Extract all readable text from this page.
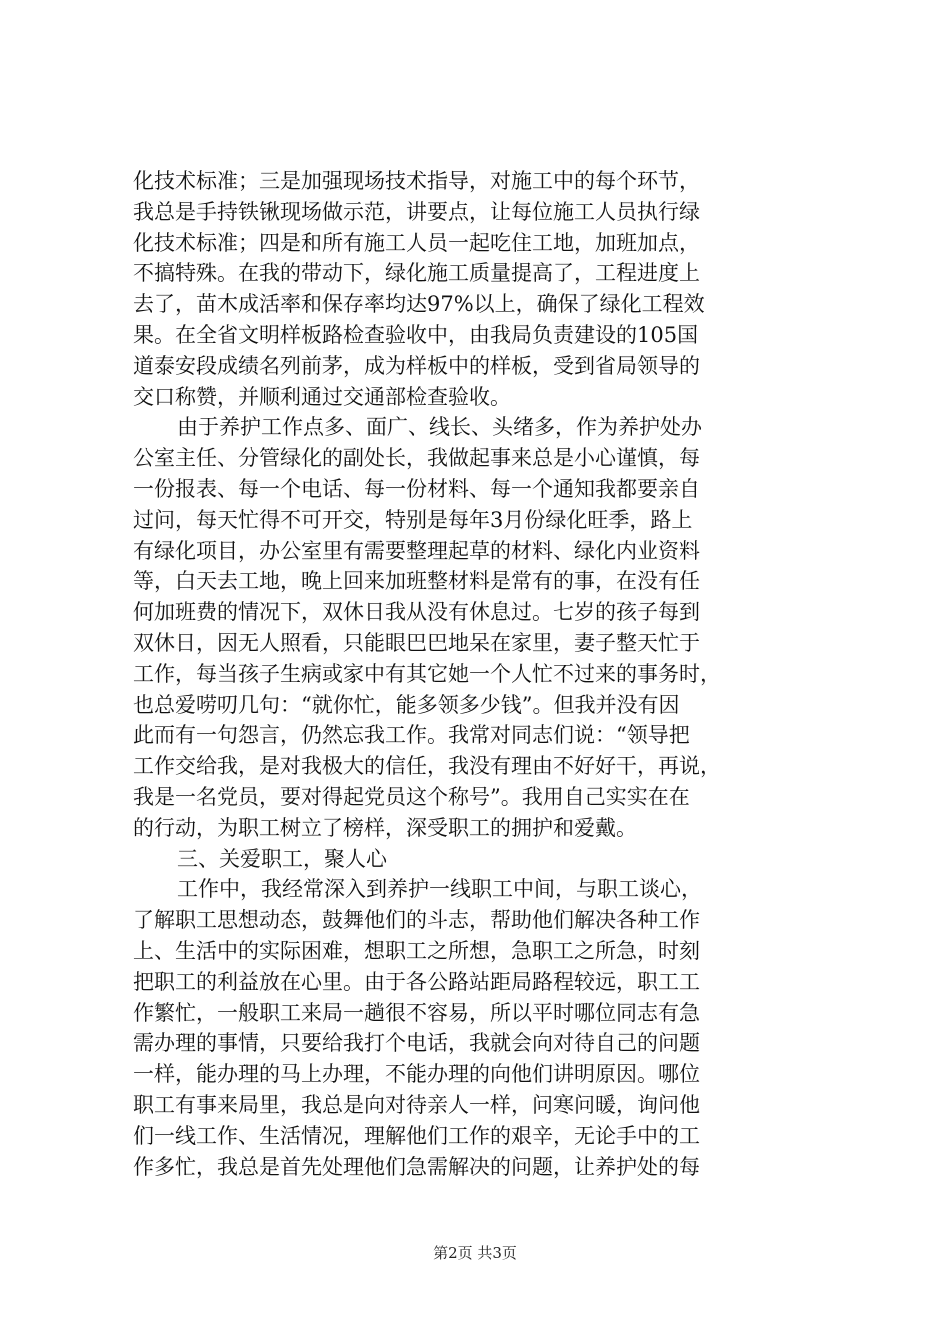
化技术标准；三是加强现场技术指导，对施工中的每个环节，
我总是手持铁锹现场做示范，讲要点，让每位施工人员执行绿
化技术标准；四是和所有施工人员一起吃住工地，加班加点，
不搞特殊。在我的带动下，绿化施工质量提高了，工程进度上
去了，苗木成活率和保存率均达97%以上，确保了绿化工程效
果。在全省文明样板路检查验收中，由我局负责建设的105国
道泰安段成绩名列前茅，成为样板中的样板，受到省局领导的
交口称赞，并顺利通过交通部检查验收。
由于养护工作点多、面广、线长、头绪多，作为养护处办
公室主任、分管绿化的副处长，我做起事来总是小心谨慎，每
一份报表、每一个电话、每一份材料、每一个通知我都要亲自
过问，每天忙得不可开交，特别是每年3月份绿化旺季，路上
有绿化项目，办公室里有需要整理起草的材料、绿化内业资料
等，白天去工地，晚上回来加班整材料是常有的事，在没有任
何加班费的情况下，双休日我从没有休息过。七岁的孩子每到
双休日，因无人照看，只能眼巴巴地呆在家里，妻子整天忙于
工作，每当孩子生病或家中有其它她一个人忙不过来的事务时，
也总爱唠叨几句：“就你忙，能多领多少钱”。但我并没有因
此而有一句怨言，仍然忘我工作。我常对同志们说：“领导把
工作交给我，是对我极大的信任，我没有理由不好好干，再说，
我是一名党员，要对得起党员这个称号”。我用自己实实在在
的行动，为职工树立了榜样，深受职工的拥护和爱戴。
三、关爱职工，聚人心
工作中，我经常深入到养护一线职工中间，与职工谈心，
了解职工思想动态，鼓舞他们的斗志，帮助他们解决各种工作
上、生活中的实际困难，想职工之所想，急职工之所急，时刻
把职工的利益放在心里。由于各公路站距局路程较远，职工工
作繁忙，一般职工来局一趟很不容易，所以平时哪位同志有急
需办理的事情，只要给我打个电话，我就会向对待自己的问题
一样，能办理的马上办理，不能办理的向他们讲明原因。哪位
职工有事来局里，我总是向对待亲人一样，问寒问暖，询问他
们一线工作、生活情况，理解他们工作的艰辛，无论手中的工
作多忙，我总是首先处理他们急需解决的问题，让养护处的每
第2页 共3页
